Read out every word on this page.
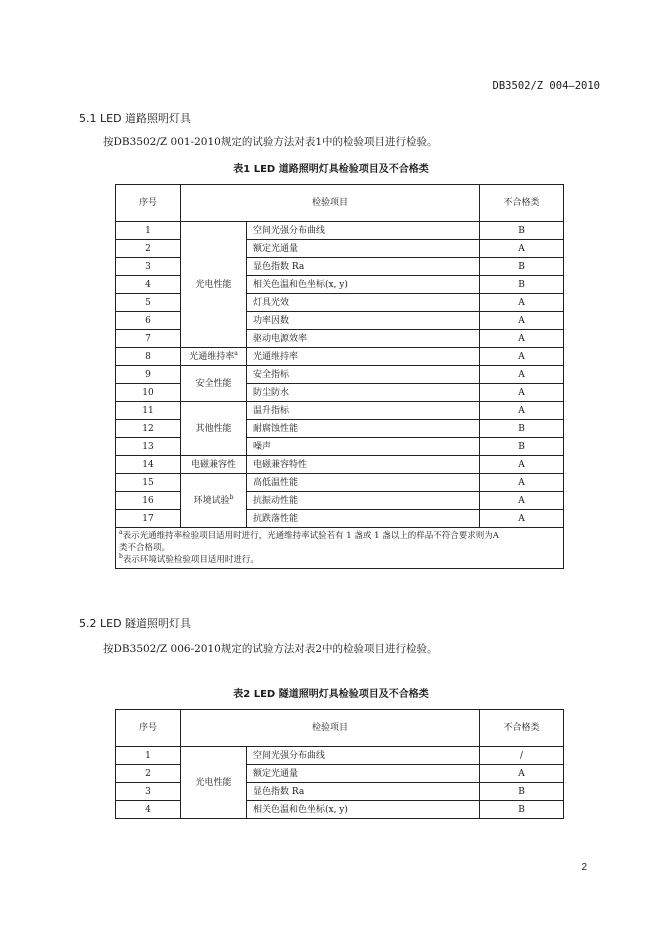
DB3502/Z 004—2010
5.1 LED 道路照明灯具
按DB3502/Z 001-2010规定的试验方法对表1中的检验项目进行检验。
表1 LED 道路照明灯具检验项目及不合格类
序号	检验项目		不合格类
1	光电性能	空间光强分布曲线	B
2		额定光通量	A
3		显色指数 Ra	B
4		相关色温和色坐标(x, y)	B
5		灯具光效	A
6		功率因数	A
7		驱动电源效率	A
8	光通维持率$^a$	光通维持率	A
9	安全性能	安全指标	A
10		防尘防水	A
11	其他性能	温升指标	A
12		耐腐蚀性能	B
13		噪声	B
14	电磁兼容性	电磁兼容特性	A
15	环境试验$^b$	高低温性能	A
16		抗振动性能	A
17		抗跌落性能	A

$^a$表示光通维持率检验项目适用时进行，光通维持率试验若有 1 盏或 1 盏以上的样品不符合要求则为A
类不合格项。
$^b$表示环境试验检验项目适用时进行。			
5.2 LED 隧道照明灯具
按DB3502/Z 006-2010规定的试验方法对表2中的检验项目进行检验。
表2 LED 隧道照明灯具检验项目及不合格类
序号	检验项目		不合格类
1	光电性能	空间光强分布曲线	/
2		额定光通量	A
3		显色指数 Ra	B
4		相关色温和色坐标(x, y)	B
2
